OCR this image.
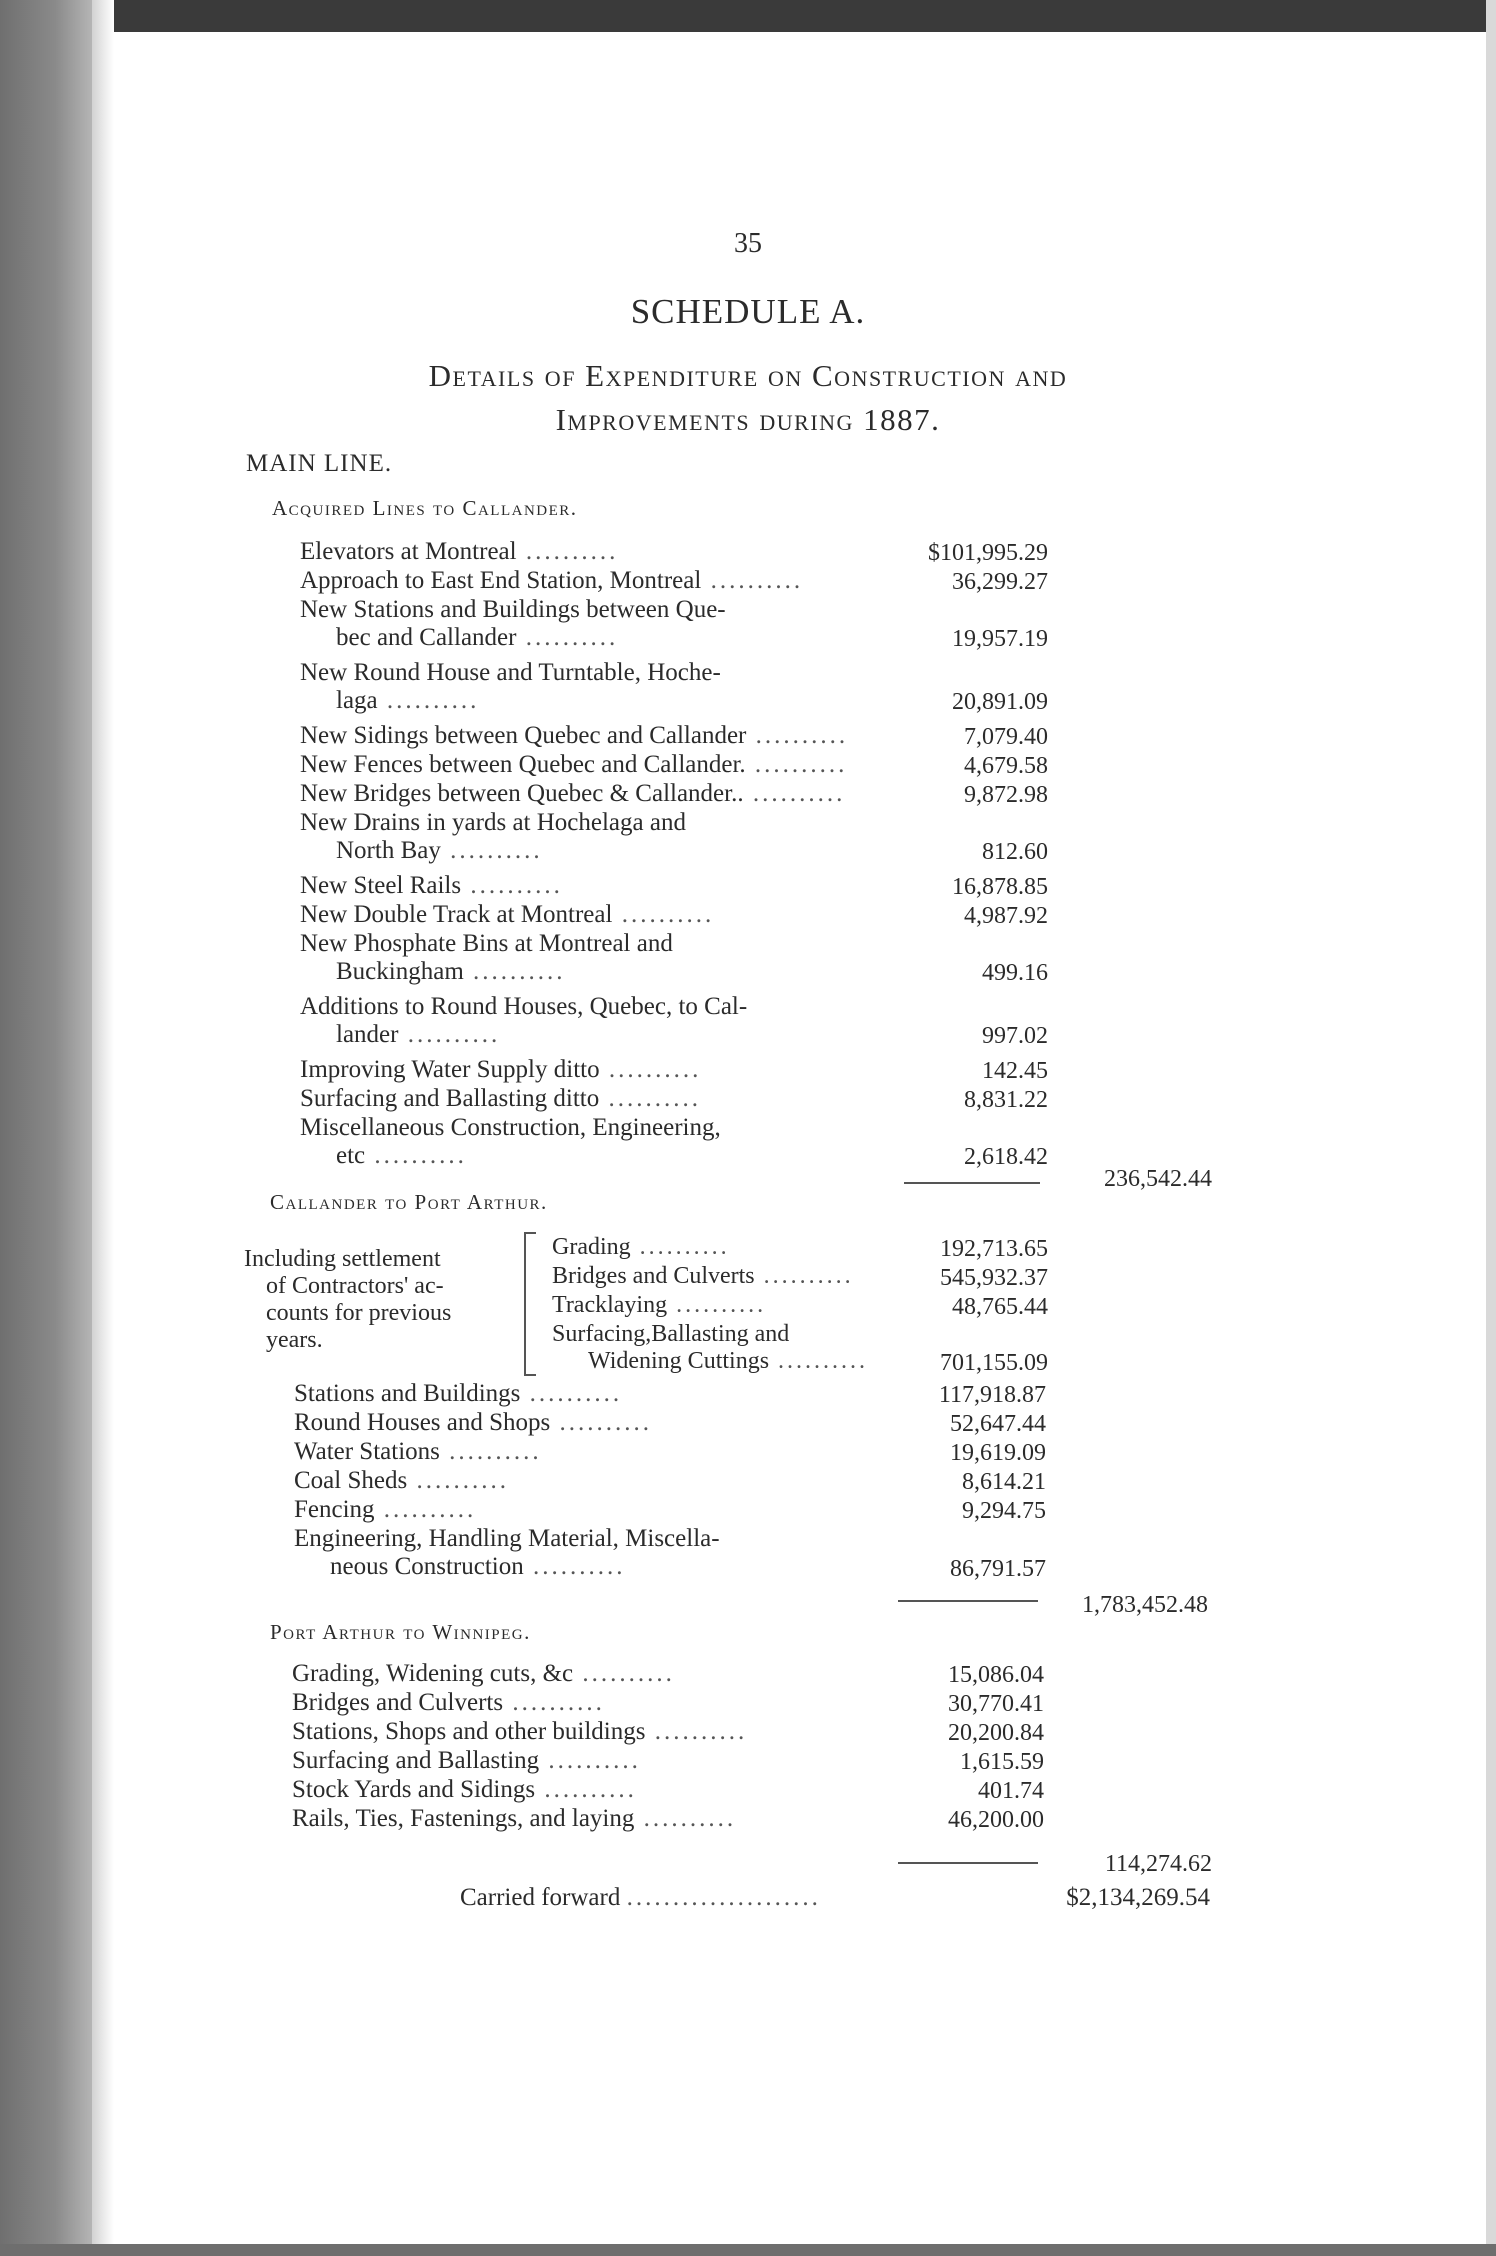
35
SCHEDULE A.
Details of Expenditure on Construction and
Improvements during 1887.
MAIN LINE.
Acquired Lines to Callander.
Elevators at Montreal ..........	$101,995.29
Approach to East End Station, Montreal ..........	36,299.27
New Stations and Buildings between Que-
bec and Callander ..........	19,957.19
New Round House and Turntable, Hoche-
laga ..........	20,891.09
New Sidings between Quebec and Callander ..........	7,079.40
New Fences between Quebec and Callander. ..........	4,679.58
New Bridges between Quebec & Callander.. ..........	9,872.98
New Drains in yards at Hochelaga and
North Bay ..........	812.60
New Steel Rails ..........	16,878.85
New Double Track at Montreal ..........	4,987.92
New Phosphate Bins at Montreal and
Buckingham ..........	499.16
Additions to Round Houses, Quebec, to Cal-
lander ..........	997.02
Improving Water Supply ditto ..........	142.45
Surfacing and Ballasting ditto ..........	8,831.22
Miscellaneous Construction, Engineering,
etc ..........	2,618.42
236,542.44
Callander to Port Arthur.
Including settlement
of Contractors' ac-
counts for previous
years.
Grading ..........	192,713.65
Bridges and Culverts ..........	545,932.37
Tracklaying ..........	48,765.44
Surfacing,Ballasting and
Widening Cuttings ..........	701,155.09
Stations and Buildings ..........	117,918.87
Round Houses and Shops ..........	52,647.44
Water Stations ..........	19,619.09
Coal Sheds ..........	8,614.21
Fencing ..........	9,294.75
Engineering, Handling Material, Miscella-
neous Construction ..........	86,791.57
1,783,452.48
Port Arthur to Winnipeg.
Grading, Widening cuts, &c ..........	15,086.04
Bridges and Culverts ..........	30,770.41
Stations, Shops and other buildings ..........	20,200.84
Surfacing and Ballasting ..........	1,615.59
Stock Yards and Sidings ..........	401.74
Rails, Ties, Fastenings, and laying ..........	46,200.00
114,274.62
Carried forward .....................	$2,134,269.54
